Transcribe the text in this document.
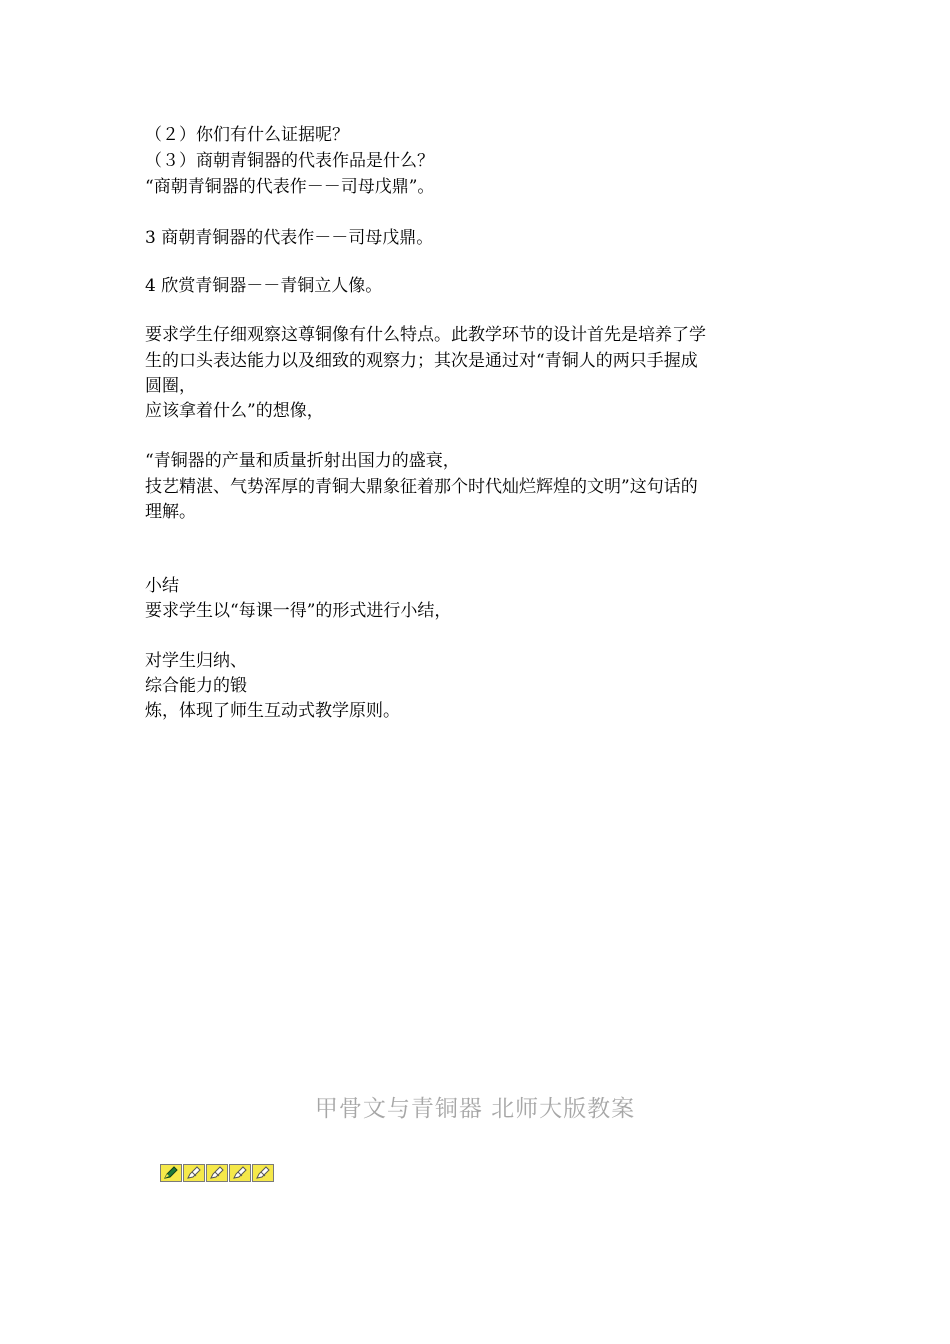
（２）你们有什么证据呢？
（３）商朝青铜器的代表作品是什么？
“商朝青铜器的代表作－－司母戊鼎”。
3 商朝青铜器的代表作－－司母戊鼎。
4 欣赏青铜器－－青铜立人像。
要求学生仔细观察这尊铜像有什么特点。此教学环节的设计首先是培养了学
生的口头表达能力以及细致的观察力；其次是通过对“青铜人的两只手握成
圆圈，
应该拿着什么”的想像，
“青铜器的产量和质量折射出国力的盛衰，
技艺精湛、气势浑厚的青铜大鼎象征着那个时代灿烂辉煌的文明”这句话的
理解。
小结
要求学生以“每课一得”的形式进行小结，
对学生归纳、
综合能力的锻
炼，体现了师生互动式教学原则。
甲骨文与青铜器 北师大版教案
